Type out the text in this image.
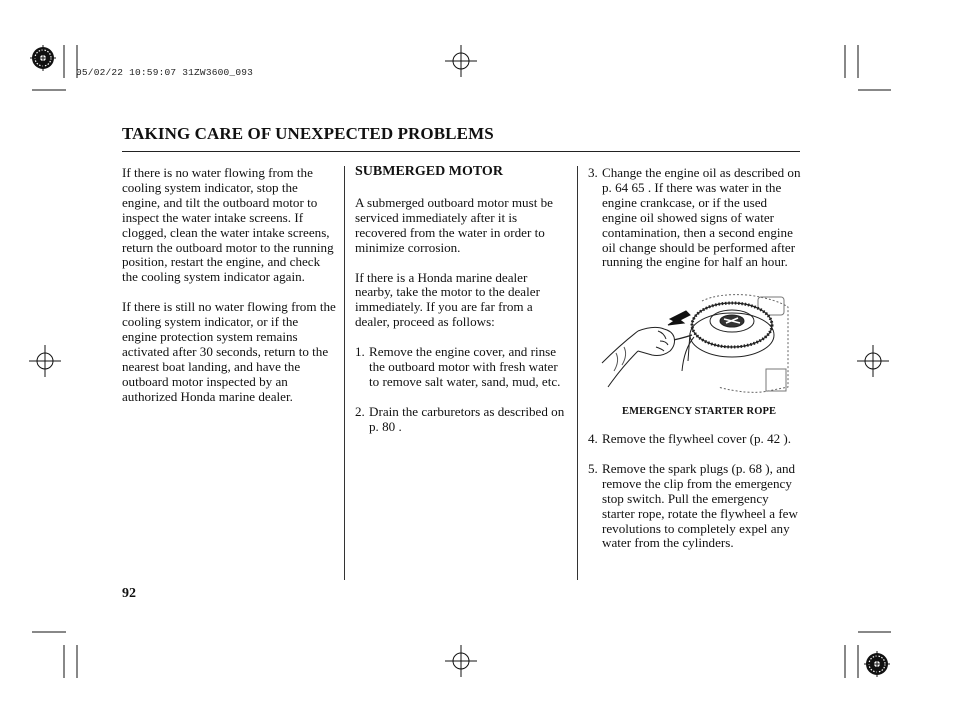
05/02/22 10:59:07 31ZW3600_093
TAKING CARE OF UNEXPECTED PROBLEMS

If there is no water flowing from the cooling system indicator, stop the engine, and tilt the outboard motor to inspect the water intake screens. If clogged, clean the water intake screens, return the outboard motor to the running position, restart the engine, and check the cooling system indicator again.

If there is still no water flowing from the cooling system indicator, or if the engine protection system remains activated after 30 seconds, return to the nearest boat landing, and have the outboard motor inspected by an authorized Honda marine dealer.

SUBMERGED MOTOR

A submerged outboard motor must be serviced immediately after it is recovered from the water in order to minimize corrosion.

If there is a Honda marine dealer nearby, take the motor to the dealer immediately. If you are far from a dealer, proceed as follows:

1. Remove the engine cover, and rinse the outboard motor with fresh water to remove salt water, sand, mud, etc.
2. Drain the carburetors as described on p. 80 .
3. Change the engine oil as described on p. 64 65 . If there was water in the engine crankcase, or if the used engine oil showed signs of water contamination, then a second engine oil change should be performed after running the engine for half an hour.
EMERGENCY STARTER ROPE
4. Remove the flywheel cover (p. 42 ).
5. Remove the spark plugs (p. 68 ), and remove the clip from the emergency stop switch. Pull the emergency starter rope, rotate the flywheel a few revolutions to completely expel any water from the cylinders.
92
